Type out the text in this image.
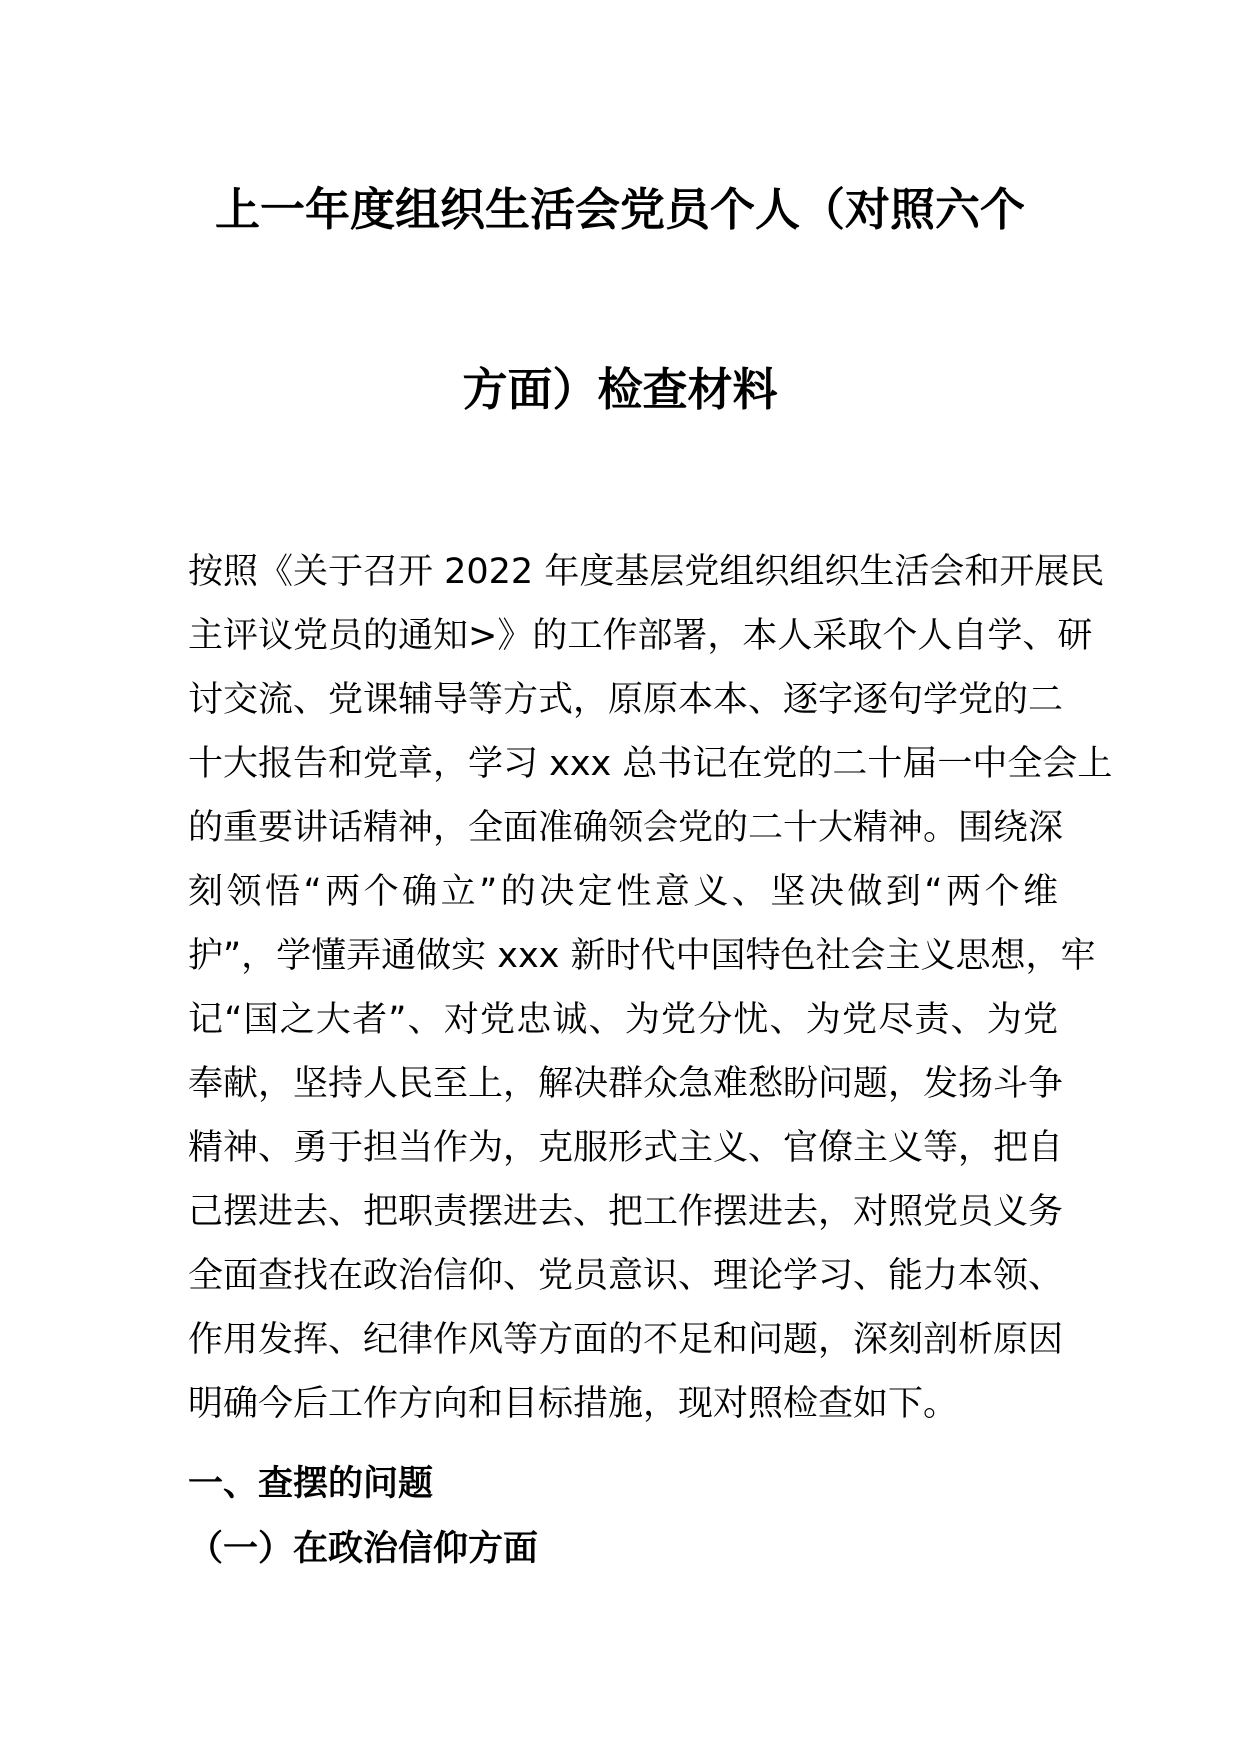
上一年度组织生活会党员个人（对照六个
方面）检查材料
按照《关于召开 2022 年度基层党组织组织生活会和开展民
主评议党员的通知>》的工作部署，本人采取个人自学、研
讨交流、党课辅导等方式，原原本本、逐字逐句学党的二
十大报告和党章，学习 xxx 总书记在党的二十届一中全会上
的重要讲话精神，全面准确领会党的二十大精神。围绕深
刻领悟“两个确立”的决定性意义、坚决做到“两个维
护”，学懂弄通做实 xxx 新时代中国特色社会主义思想，牢
记“国之大者”、对党忠诚、为党分忧、为党尽责、为党
奉献，坚持人民至上，解决群众急难愁盼问题，发扬斗争
精神、勇于担当作为，克服形式主义、官僚主义等，把自
己摆进去、把职责摆进去、把工作摆进去，对照党员义务
全面查找在政治信仰、党员意识、理论学习、能力本领、
作用发挥、纪律作风等方面的不足和问题，深刻剖析原因
明确今后工作方向和目标措施，现对照检查如下。
一、查摆的问题
（一）在政治信仰方面
